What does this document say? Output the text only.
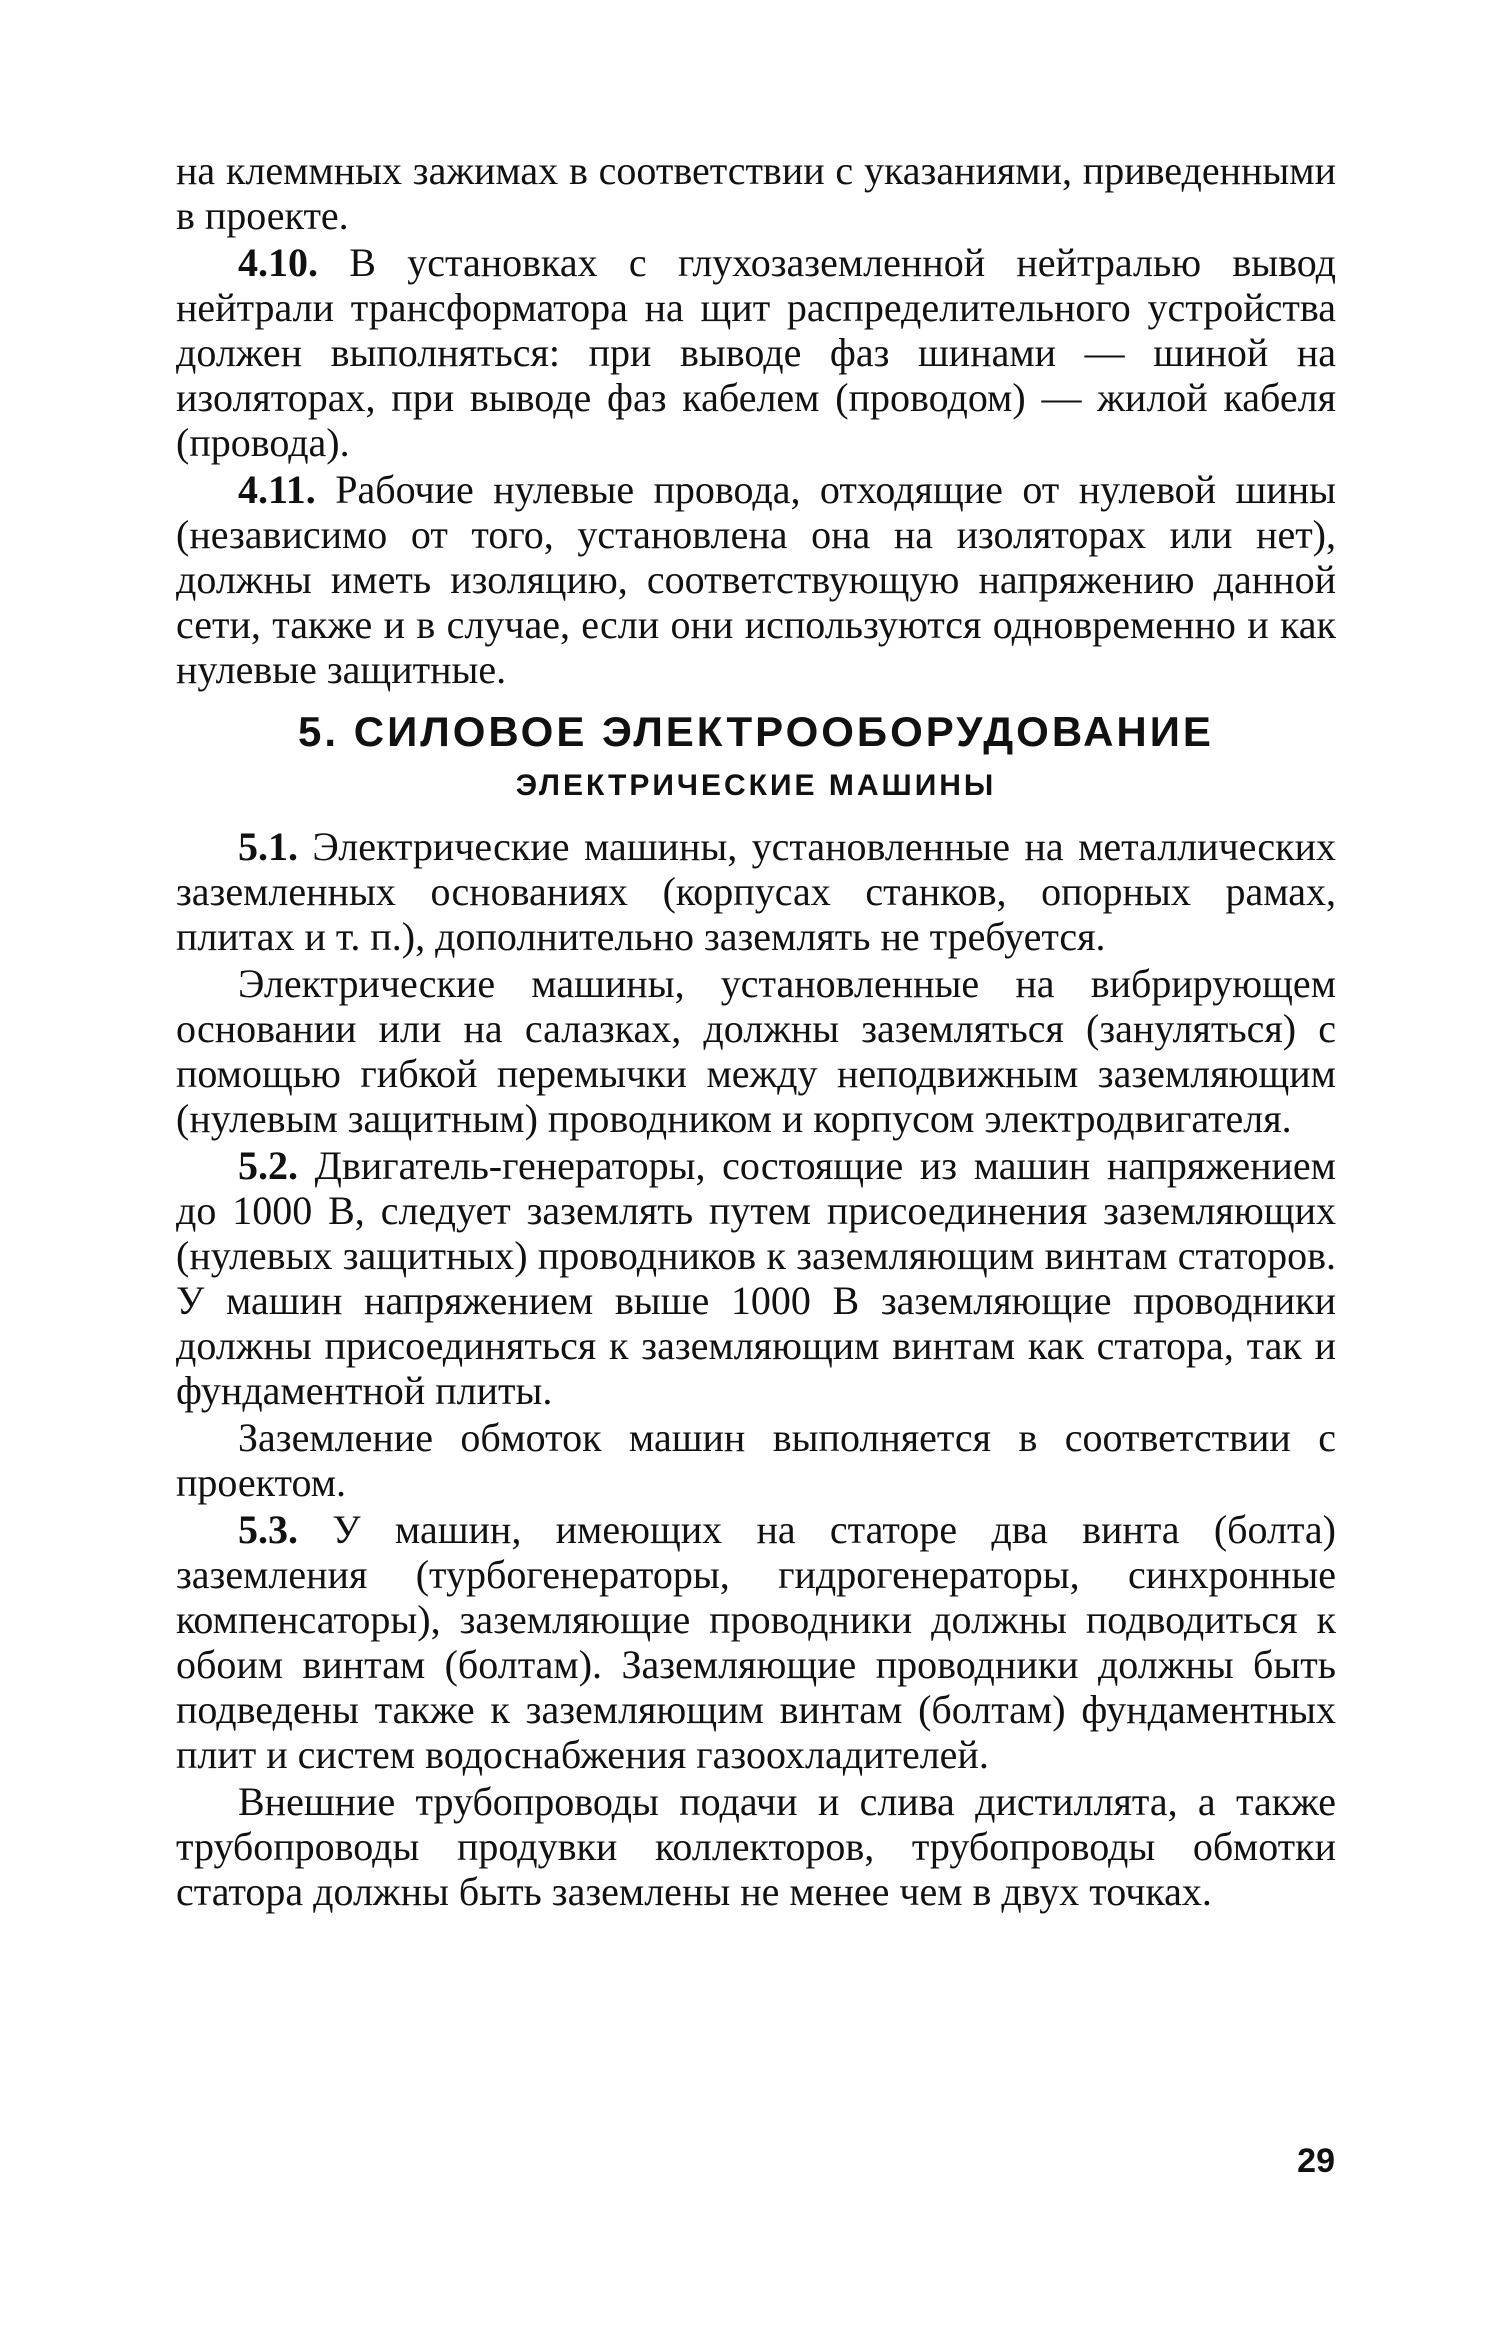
на клеммных зажимах в соответствии с указаниями, приведенными в проекте.

4.10. В установках с глухозаземленной нейтралью вывод нейтрали трансформатора на щит распределительного устройства должен выполняться: при выводе фаз шинами — шиной на изоляторах, при выводе фаз кабелем (проводом) — жилой кабеля (провода).

4.11. Рабочие нулевые провода, отходящие от нулевой шины (независимо от того, установлена она на изоляторах или нет), должны иметь изоляцию, соответствующую напряжению данной сети, также и в случае, если они используются одновременно и как нулевые защитные.

5. СИЛОВОЕ ЭЛЕКТРООБОРУДОВАНИЕ
ЭЛЕКТРИЧЕСКИЕ МАШИНЫ

5.1. Электрические машины, установленные на металлических заземленных основаниях (корпусах станков, опорных рамах, плитах и т. п.), дополнительно заземлять не требуется.

Электрические машины, установленные на вибрирующем основании или на салазках, должны заземляться (зануляться) с помощью гибкой перемычки между неподвижным заземляющим (нулевым защитным) проводником и корпусом электродвигателя.

5.2. Двигатель-генераторы, состоящие из машин напряжением до 1000 В, следует заземлять путем присоединения заземляющих (нулевых защитных) проводников к заземляющим винтам статоров. У машин напряжением выше 1000 В заземляющие проводники должны присоединяться к заземляющим винтам как статора, так и фундаментной плиты.

Заземление обмоток машин выполняется в соответствии с проектом.

5.3. У машин, имеющих на статоре два винта (болта) заземления (турбогенераторы, гидрогенераторы, синхронные компенсаторы), заземляющие проводники должны подводиться к обоим винтам (болтам). Заземляющие проводники должны быть подведены также к заземляющим винтам (болтам) фундаментных плит и систем водоснабжения газоохладителей.

Внешние трубопроводы подачи и слива дистиллята, а также трубопроводы продувки коллекторов, трубопроводы обмотки статора должны быть заземлены не менее чем в двух точках.

29
